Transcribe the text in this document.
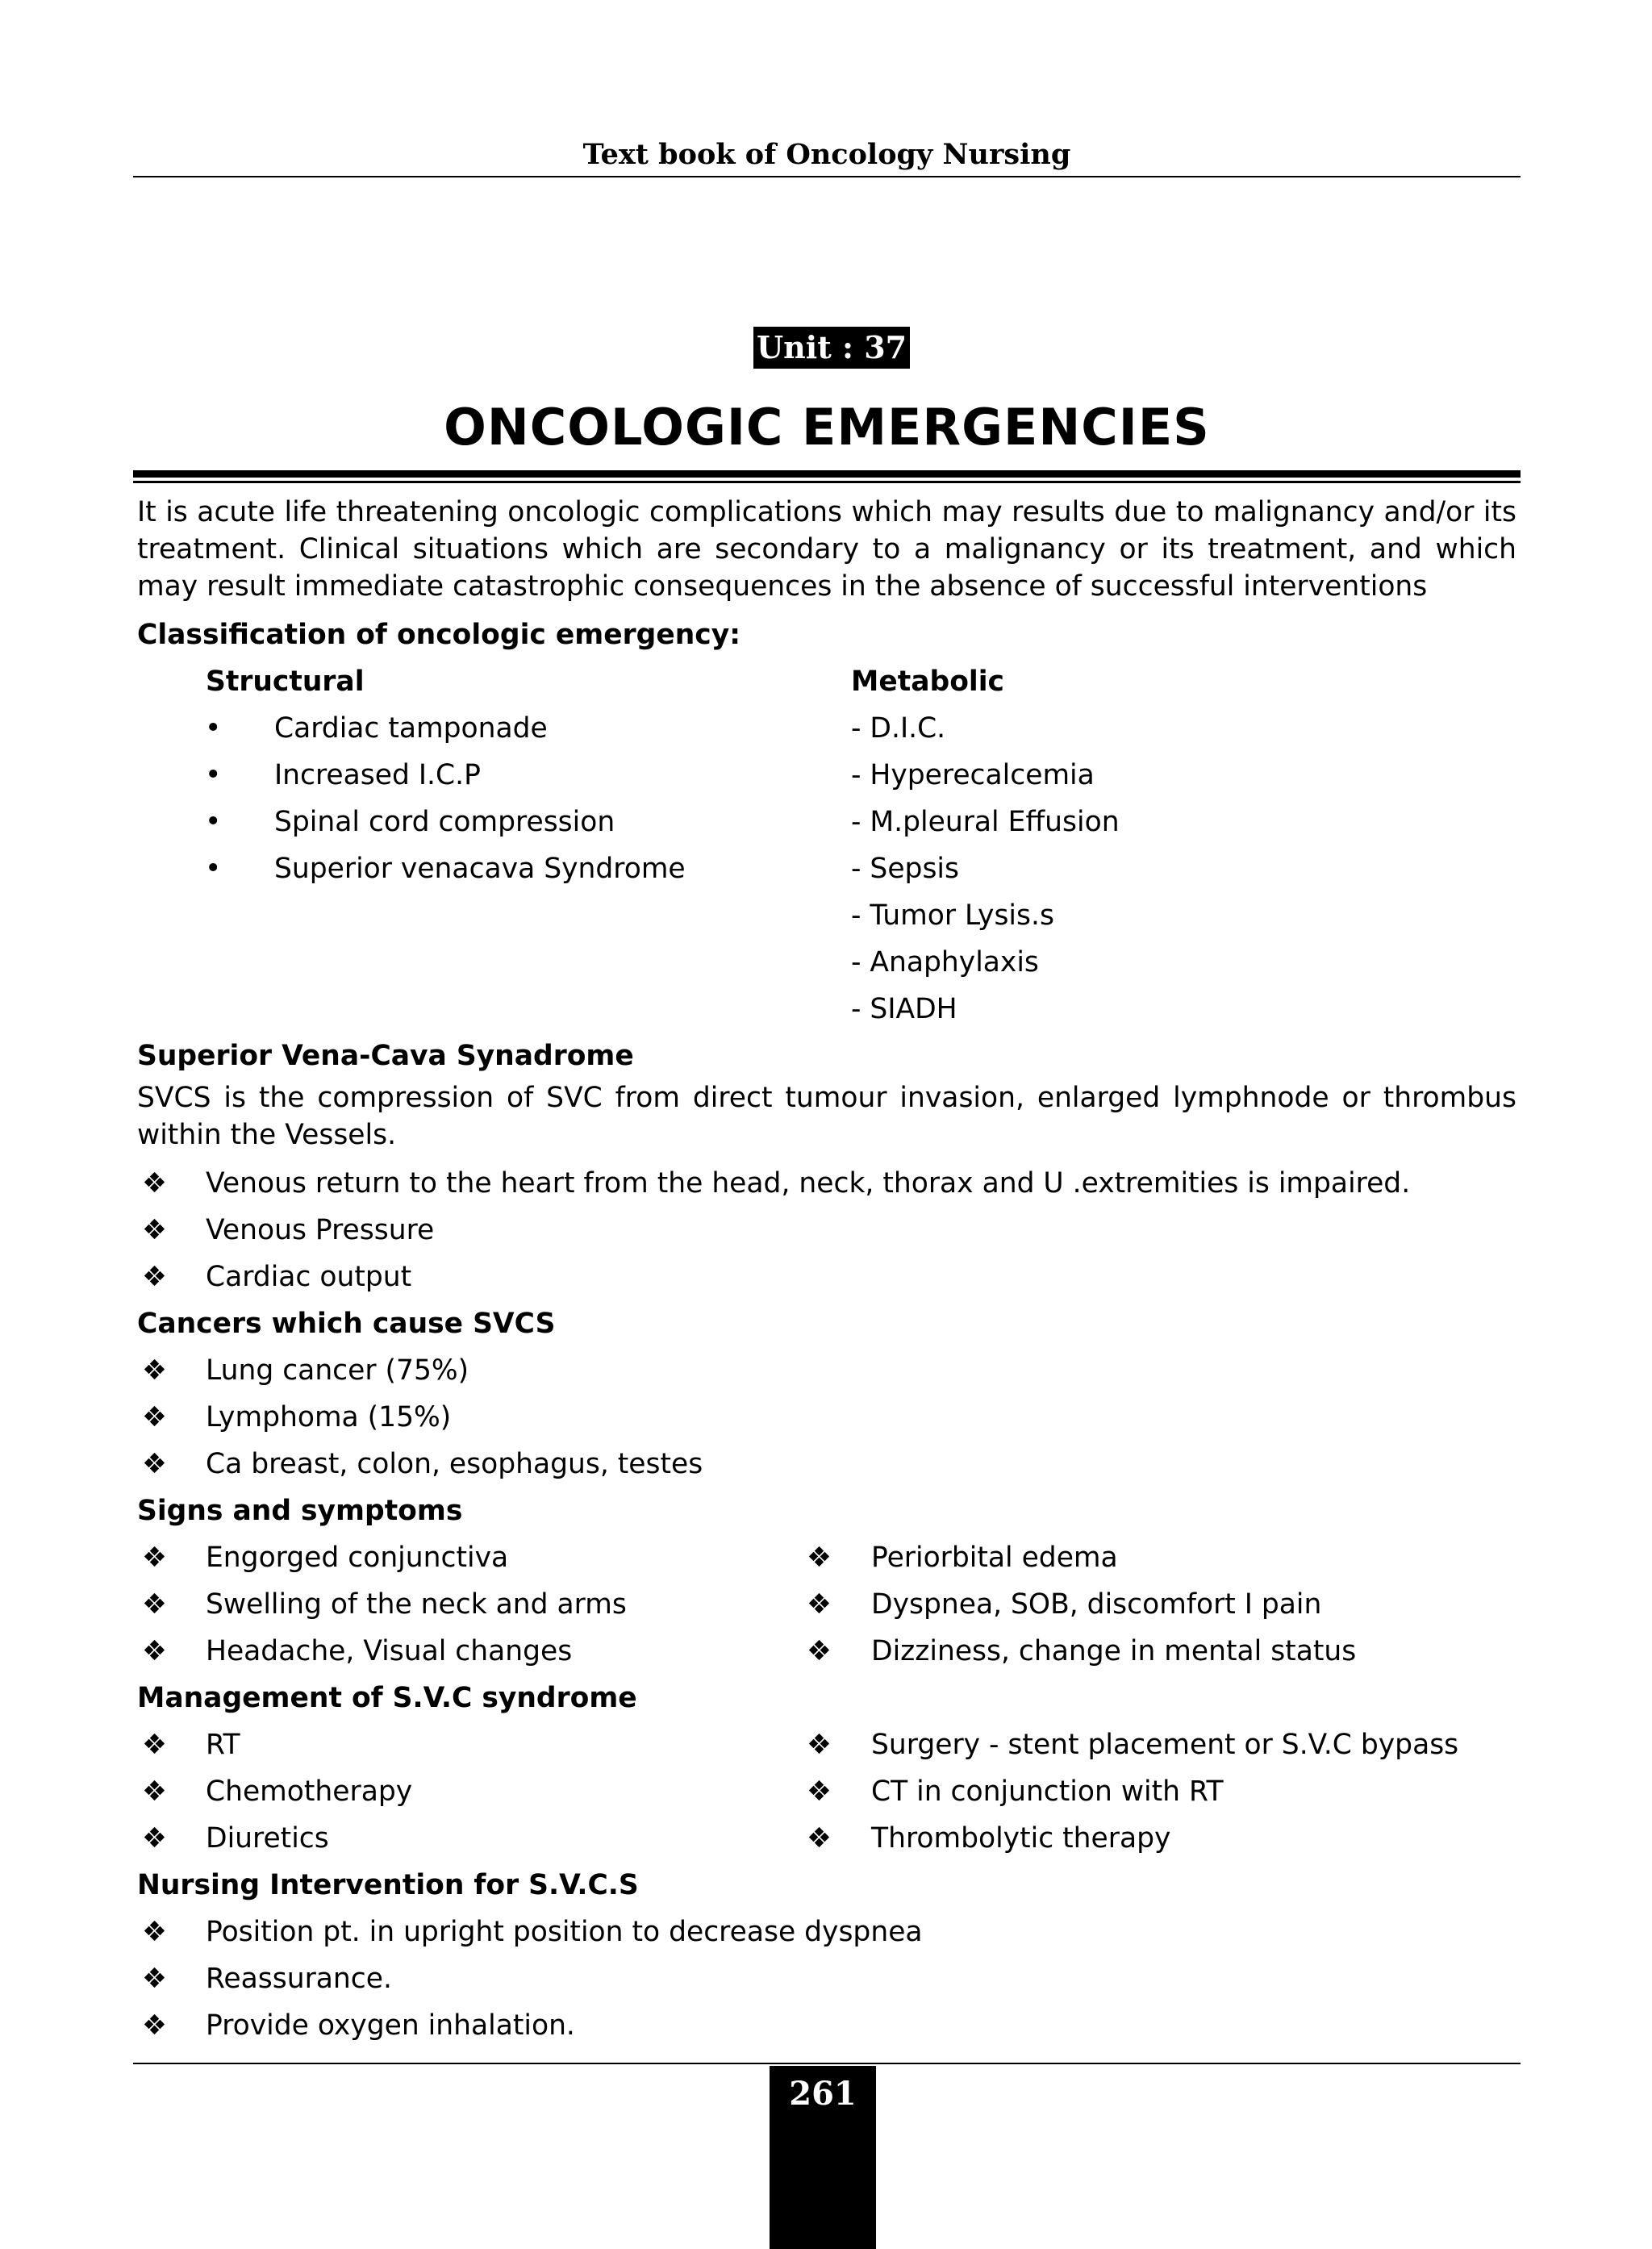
Text book of Oncology Nursing
Unit : 37
ONCOLOGIC EMERGENCIES

It is acute life threatening oncologic complications which may results due to malignancy and/or its treatment. Clinical situations which are secondary to a malignancy or its treatment, and which may result immediate catastrophic consequences in the absence of successful interventions

Classification of oncologic emergency:

Structural	Metabolic
• Cardiac tamponade	- D.I.C.
• Increased I.C.P	- Hyperecalcemia
• Spinal cord compression	- M.pleural Effusion
• Superior venacava Syndrome	- Sepsis
- Tumor Lysis.s
- Anaphylaxis
- SIADH

Superior Vena-Cava Synadrome

SVCS is the compression of SVC from direct tumour invasion, enlarged lymphnode or thrombus within the Vessels.

❖ Venous return to the heart from the head, neck, thorax and U .extremities is impaired.
❖ Venous Pressure
❖ Cardiac output

Cancers which cause SVCS

❖ Lung cancer (75%)
❖ Lymphoma (15%)
❖ Ca breast, colon, esophagus, testes

Signs and symptoms

❖ Engorged conjunctiva	❖ Periorbital edema
❖ Swelling of the neck and arms	❖ Dyspnea, SOB, discomfort I pain
❖ Headache, Visual changes	❖ Dizziness, change in mental status

Management of S.V.C syndrome

❖ RT	❖ Surgery - stent placement or S.V.C bypass
❖ Chemotherapy	❖ CT in conjunction with RT
❖ Diuretics	❖ Thrombolytic therapy

Nursing Intervention for S.V.C.S

❖ Position pt. in upright position to decrease dyspnea
❖ Reassurance.
❖ Provide oxygen inhalation.
261
